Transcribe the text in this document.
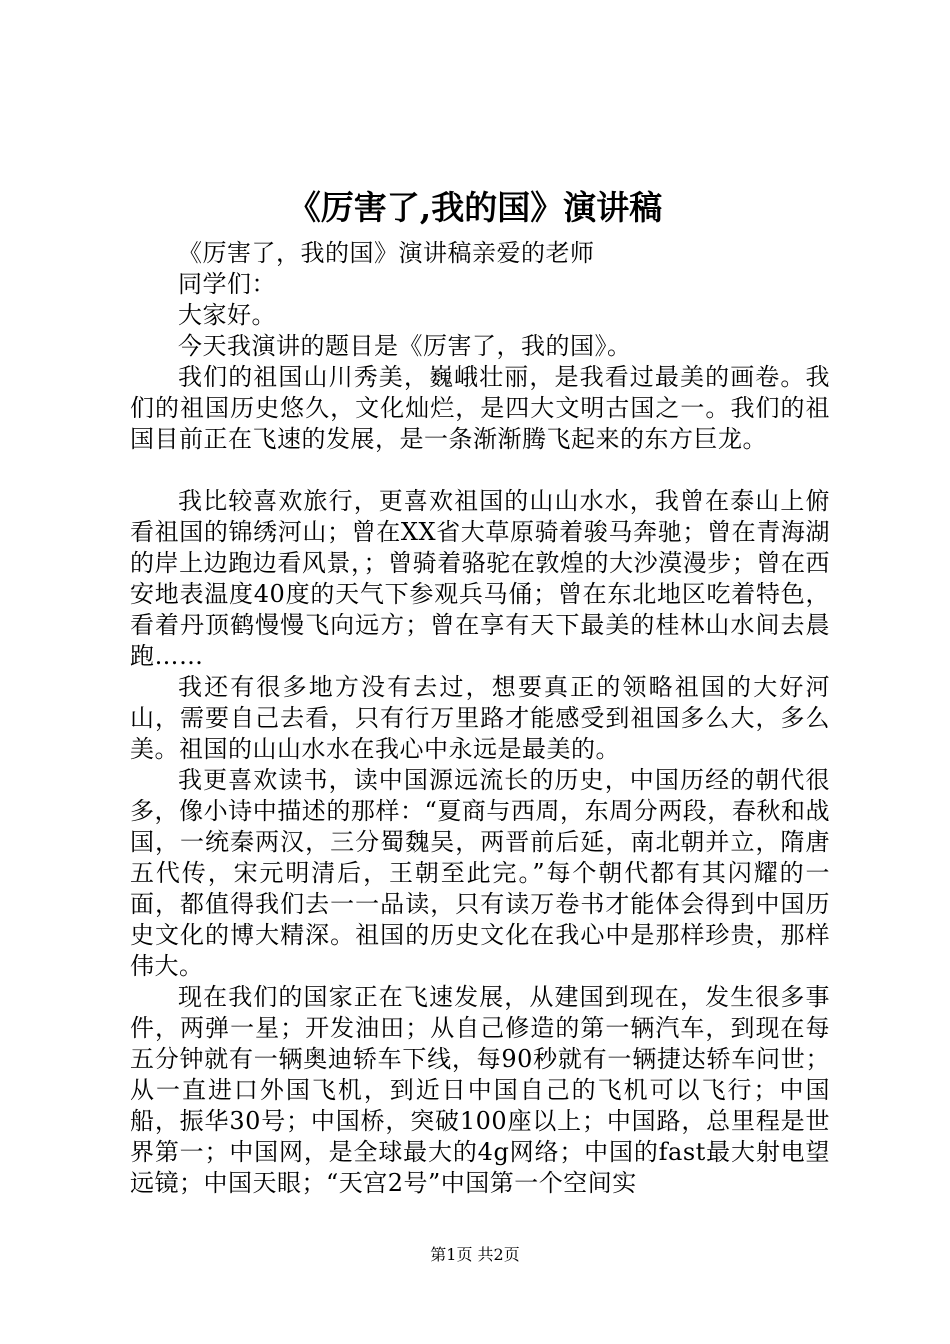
《厉害了,我的国》演讲稿

《厉害了，我的国》演讲稿亲爱的老师

同学们：

大家好。

今天我演讲的题目是《厉害了，我的国》。

我们的祖国山川秀美，巍峨壮丽，是我看过最美的画卷。我们的祖国历史悠久，文化灿烂，是四大文明古国之一。我们的祖国目前正在飞速的发展，是一条渐渐腾飞起来的东方巨龙。

我比较喜欢旅行，更喜欢祖国的山山水水，我曾在泰山上俯看祖国的锦绣河山；曾在XX省大草原骑着骏马奔驰；曾在青海湖的岸上边跑边看风景，；曾骑着骆驼在敦煌的大沙漠漫步；曾在西安地表温度40度的天气下参观兵马俑；曾在东北地区吃着特色，看着丹顶鹤慢慢飞向远方；曾在享有天下最美的桂林山水间去晨跑……

我还有很多地方没有去过，想要真正的领略祖国的大好河山，需要自己去看，只有行万里路才能感受到祖国多么大，多么美。祖国的山山水水在我心中永远是最美的。

我更喜欢读书，读中国源远流长的历史，中国历经的朝代很多，像小诗中描述的那样：“夏商与西周，东周分两段，春秋和战国，一统秦两汉，三分蜀魏吴，两晋前后延，南北朝并立，隋唐五代传，宋元明清后，王朝至此完。”每个朝代都有其闪耀的一面，都值得我们去一一品读，只有读万卷书才能体会得到中国历史文化的博大精深。祖国的历史文化在我心中是那样珍贵，那样伟大。

现在我们的国家正在飞速发展，从建国到现在，发生很多事件，两弹一星；开发油田；从自己修造的第一辆汽车，到现在每五分钟就有一辆奥迪轿车下线，每90秒就有一辆捷达轿车问世；从一直进口外国飞机，到近日中国自己的飞机可以飞行；中国船，振华30号；中国桥，突破100座以上；中国路，总里程是世界第一；中国网，是全球最大的4g网络；中国的fast最大射电望远镜；中国天眼；“天宫2号”中国第一个空间实

第1页 共2页
